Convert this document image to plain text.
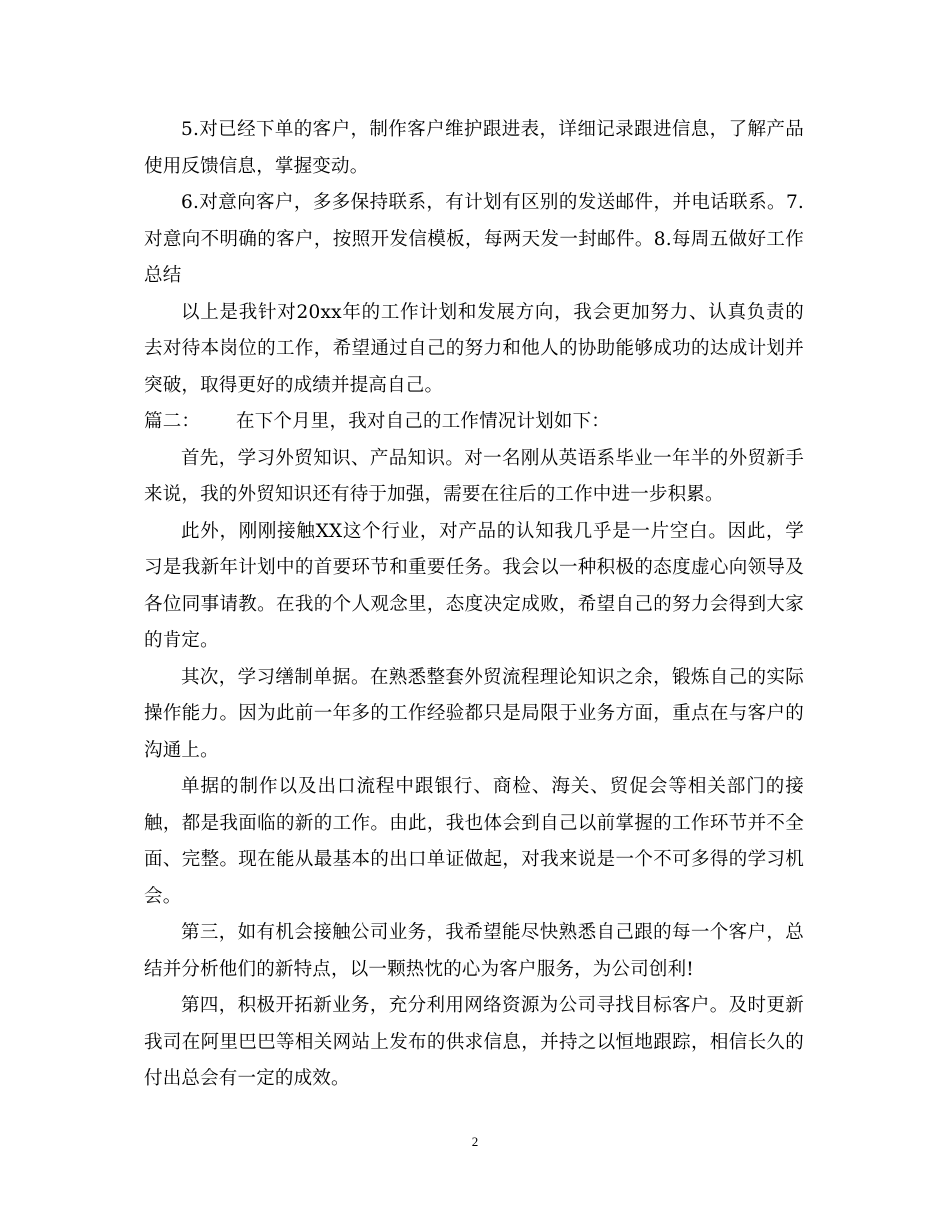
5.对已经下单的客户，制作客户维护跟进表，详细记录跟进信息，了解产品使用反馈信息，掌握变动。

6.对意向客户，多多保持联系，有计划有区别的发送邮件，并电话联系。7.对意向不明确的客户，按照开发信模板，每两天发一封邮件。8.每周五做好工作总结

以上是我针对20xx年的工作计划和发展方向，我会更加努力、认真负责的去对待本岗位的工作，希望通过自己的努力和他人的协助能够成功的达成计划并突破，取得更好的成绩并提高自己。

篇二： 在下个月里，我对自己的工作情况计划如下：

首先，学习外贸知识、产品知识。对一名刚从英语系毕业一年半的外贸新手来说，我的外贸知识还有待于加强，需要在往后的工作中进一步积累。

此外，刚刚接触XX这个行业，对产品的认知我几乎是一片空白。因此，学习是我新年计划中的首要环节和重要任务。我会以一种积极的态度虚心向领导及各位同事请教。在我的个人观念里，态度决定成败，希望自己的努力会得到大家的肯定。

其次，学习缮制单据。在熟悉整套外贸流程理论知识之余，锻炼自己的实际操作能力。因为此前一年多的工作经验都只是局限于业务方面，重点在与客户的沟通上。

单据的制作以及出口流程中跟银行、商检、海关、贸促会等相关部门的接触，都是我面临的新的工作。由此，我也体会到自己以前掌握的工作环节并不全面、完整。现在能从最基本的出口单证做起，对我来说是一个不可多得的学习机会。

第三，如有机会接触公司业务，我希望能尽快熟悉自己跟的每一个客户，总结并分析他们的新特点，以一颗热忱的心为客户服务，为公司创利!

第四，积极开拓新业务，充分利用网络资源为公司寻找目标客户。及时更新我司在阿里巴巴等相关网站上发布的供求信息，并持之以恒地跟踪，相信长久的付出总会有一定的成效。

2
